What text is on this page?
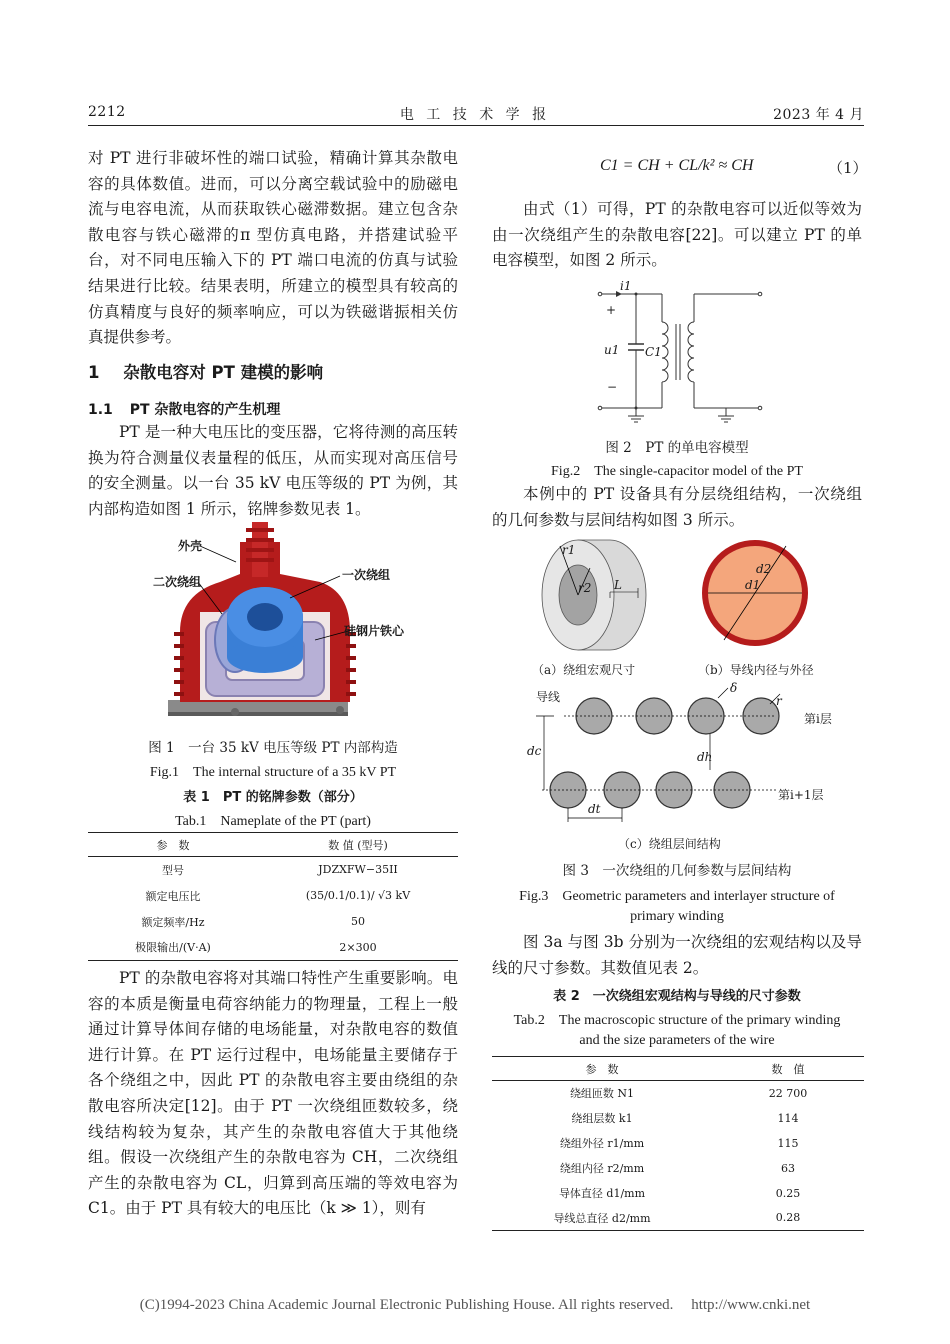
2212	电 工 技 术 学 报	2023 年 4 月

对 PT 进行非破坏性的端口试验，精确计算其杂散电容的具体数值。进而，可以分离空载试验中的励磁电流与电容电流，从而获取铁心磁滞数据。建立包含杂散电容与铁心磁滞的π 型仿真电路，并搭建试验平台，对不同电压输入下的 PT 端口电流的仿真与试验结果进行比较。结果表明，所建立的模型具有较高的仿真精度与良好的频率响应，可以为铁磁谐振相关仿真提供参考。

1 杂散电容对 PT 建模的影响
1.1 PT 杂散电容的产生机理

PT 是一种大电压比的变压器，它将待测的高压转换为符合测量仪表量程的低压，从而实现对高压信号的安全测量。以一台 35 kV 电压等级的 PT 为例，其内部构造如图 1 所示，铭牌参数见表 1。

外壳
二次绕组	一次绕组
硅钢片铁心
图 1　一台 35 kV 电压等级 PT 内部构造
Fig.1　The internal structure of a 35 kV PT
表 1　PT 的铭牌参数（部分）
Tab.1　Nameplate of the PT (part)
参　数	数 值 (型号)
型号	JDZXFW−35II
额定电压比	(35/0.1/0.1)/ √3 kV
额定频率/Hz	50
极限输出/(V·A)	2×300

PT 的杂散电容将对其端口特性产生重要影响。电容的本质是衡量电荷容纳能力的物理量，工程上一般通过计算导体间存储的电场能量，对杂散电容的数值进行计算。在 PT 运行过程中，电场能量主要储存于各个绕组之中，因此 PT 的杂散电容主要由绕组的杂散电容所决定[12]。由于 PT 一次绕组匝数较多，绕线结构较为复杂，其产生的杂散电容值大于其他绕组。假设一次绕组产生的杂散电容为 CH，二次绕组产生的杂散电容为 CL，归算到高压端的等效电容为 C1。由于 PT 具有较大的电压比（k ≫ 1），则有

C1 = CH + CL/k² ≈ CH	（1）

由式（1）可得，PT 的杂散电容可以近似等效为由一次绕组产生的杂散电容[22]。可以建立 PT 的单电容模型，如图 2 所示。

i1
+
u1 C1
−
图 2　PT 的单电容模型
Fig.2　The single-capacitor model of the PT

本例中的 PT 设备具有分层绕组结构，一次绕组的几何参数与层间结构如图 3 所示。

r1
r2 L	d1
d2
（a）绕组宏观尺寸	（b）导线内径与外径
导线
δ
r
第i层
dc	dh
第i+1层
dt
（c）绕组层间结构
图 3　一次绕组的几何参数与层间结构
Fig.3　Geometric parameters and interlayer structure of
primary winding

图 3a 与图 3b 分别为一次绕组的宏观结构以及导线的尺寸参数。其数值见表 2。

表 2　一次绕组宏观结构与导线的尺寸参数
Tab.2　The macroscopic structure of the primary winding
and the size parameters of the wire
参　数	数　值
绕组匝数 N1	22 700
绕组层数 k1	114
绕组外径 r1/mm	115
绕组内径 r2/mm	63
导体直径 d1/mm	0.25
导线总直径 d2/mm	0.28
(C)1994-2023 China Academic Journal Electronic Publishing House. All rights reserved. http://www.cnki.net
